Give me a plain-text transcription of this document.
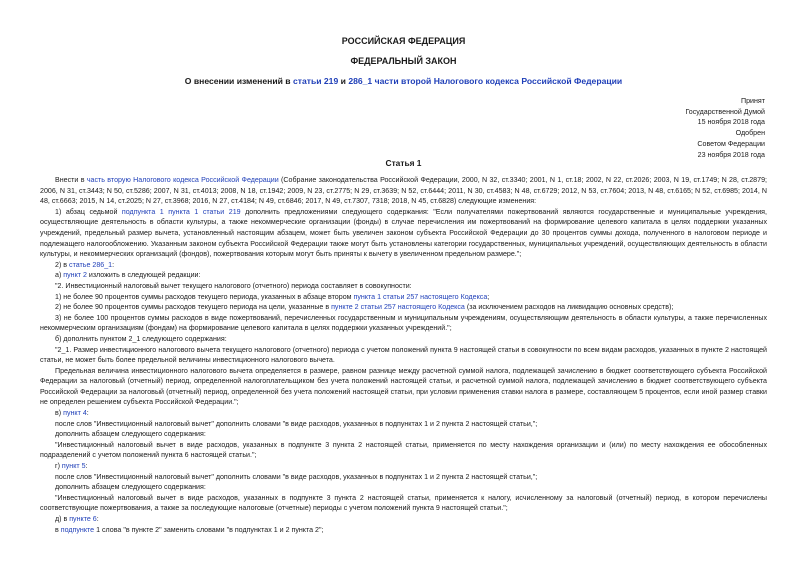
РОССИЙСКАЯ ФЕДЕРАЦИЯ
ФЕДЕРАЛЬНЫЙ ЗАКОН
О внесении изменений в статьи 219 и 286_1 части второй Налогового кодекса Российской Федерации
Принят
Государственной Думой
15 ноября 2018 года
Одобрен
Советом Федерации
23 ноября 2018 года
Статья 1

Внести в часть вторую Налогового кодекса Российской Федерации (Собрание законодательства Российской Федерации, 2000, N 32, ст.3340; 2001, N 1, ст.18; 2002, N 22, ст.2026; 2003, N 19, ст.1749; N 28, ст.2879; 2006, N 31, ст.3443; N 50, ст.5286; 2007, N 31, ст.4013; 2008, N 18, ст.1942; 2009, N 23, ст.2775; N 29, ст.3639; N 52, ст.6444; 2011, N 30, ст.4583; N 48, ст.6729; 2012, N 53, ст.7604; 2013, N 48, ст.6165; N 52, ст.6985; 2014, N 48, ст.6663; 2015, N 14, ст.2025; N 27, ст.3968; 2016, N 27, ст.4184; N 49, ст.6846; 2017, N 49, ст.7307, 7318; 2018, N 45, ст.6828) следующие изменения:

1) абзац седьмой подпункта 1 пункта 1 статьи 219 дополнить предложениями следующего содержания: "Если получателями пожертвований являются государственные и муниципальные учреждения, осуществляющие деятельность в области культуры, а также некоммерческие организации (фонды) в случае перечисления им пожертвований на формирование целевого капитала в целях поддержки указанных учреждений, предельный размер вычета, установленный настоящим абзацем, может быть увеличен законом субъекта Российской Федерации до 30 процентов суммы дохода, полученного в налоговом периоде и подлежащего налогообложению. Указанным законом субъекта Российской Федерации также могут быть установлены категории государственных, муниципальных учреждений, осуществляющих деятельность в области культуры, и некоммерческих организаций (фондов), пожертвования которым могут быть приняты к вычету в увеличенном предельном размере.";

2) в статье 286_1:

а) пункт 2 изложить в следующей редакции:

"2. Инвестиционный налоговый вычет текущего налогового (отчетного) периода составляет в совокупности:

1) не более 90 процентов суммы расходов текущего периода, указанных в абзаце втором пункта 1 статьи 257 настоящего Кодекса;

2) не более 90 процентов суммы расходов текущего периода на цели, указанные в пункте 2 статьи 257 настоящего Кодекса (за исключением расходов на ликвидацию основных средств);

3) не более 100 процентов суммы расходов в виде пожертвований, перечисленных государственным и муниципальным учреждениям, осуществляющим деятельность в области культуры, а также перечисленных некоммерческим организациям (фондам) на формирование целевого капитала в целях поддержки указанных учреждений.";

б) дополнить пунктом 2_1 следующего содержания:

"2_1. Размер инвестиционного налогового вычета текущего налогового (отчетного) периода с учетом положений пункта 9 настоящей статьи в совокупности по всем видам расходов, указанных в пункте 2 настоящей статьи, не может быть более предельной величины инвестиционного налогового вычета.

Предельная величина инвестиционного налогового вычета определяется в размере, равном разнице между расчетной суммой налога, подлежащей зачислению в бюджет соответствующего субъекта Российской Федерации за налоговый (отчетный) период, определенной налогоплательщиком без учета положений настоящей статьи, и расчетной суммой налога, подлежащей зачислению в бюджет соответствующего субъекта Российской Федерации за налоговый (отчетный) период, определенной без учета положений настоящей статьи, при условии применения ставки налога в размере, составляющем 5 процентов, если иной размер ставки не определен решением субъекта Российской Федерации.";

в) пункт 4:

после слов "Инвестиционный налоговый вычет" дополнить словами "в виде расходов, указанных в подпунктах 1 и 2 пункта 2 настоящей статьи,";

дополнить абзацем следующего содержания:

"Инвестиционный налоговый вычет в виде расходов, указанных в подпункте 3 пункта 2 настоящей статьи, применяется по месту нахождения организации и (или) по месту нахождения ее обособленных подразделений с учетом положений пункта 6 настоящей статьи.";

г) пункт 5:

после слов "Инвестиционный налоговый вычет" дополнить словами "в виде расходов, указанных в подпунктах 1 и 2 пункта 2 настоящей статьи,";

дополнить абзацем следующего содержания:

"Инвестиционный налоговый вычет в виде расходов, указанных в подпункте 3 пункта 2 настоящей статьи, применяется к налогу, исчисленному за налоговый (отчетный) период, в котором перечислены соответствующие пожертвования, а также за последующие налоговые (отчетные) периоды с учетом положений пункта 9 настоящей статьи.";

д) в пункте 6:

в подпункте 1 слова "в пункте 2" заменить словами "в подпунктах 1 и 2 пункта 2";
